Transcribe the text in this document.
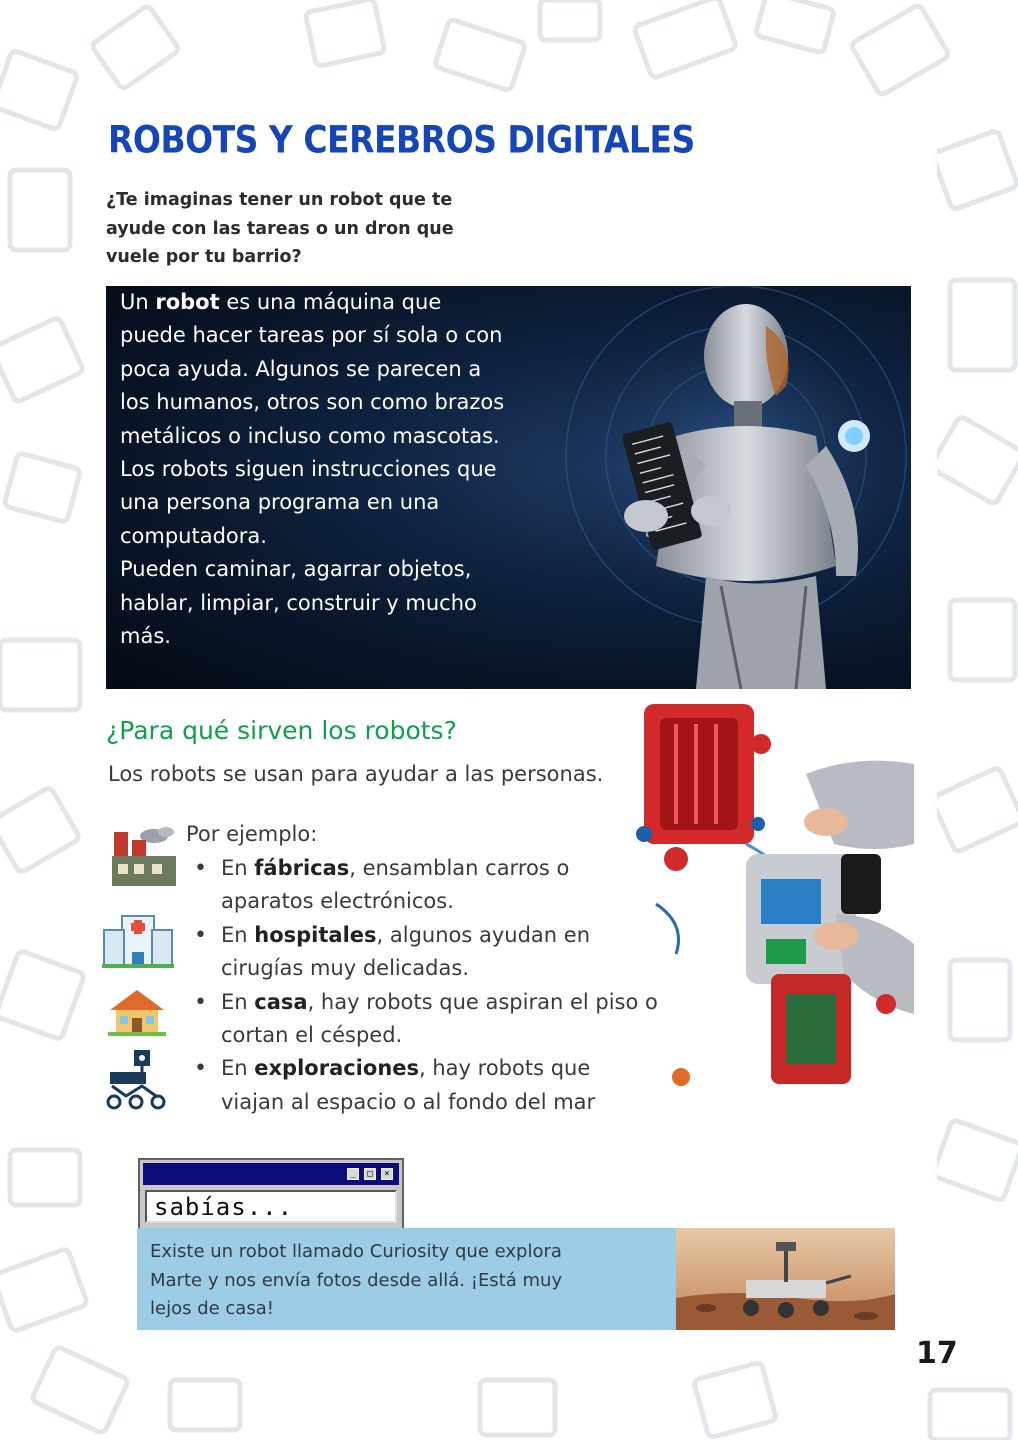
ROBOTS Y CEREBROS DIGITALES
¿Te imaginas tener un robot que te ayude con las tareas o un dron que vuele por tu barrio?
Un robot es una máquina que puede hacer tareas por sí sola o con poca ayuda. Algunos se parecen a los humanos, otros son como brazos metálicos o incluso como mascotas. Los robots siguen instrucciones que una persona programa en una computadora.
Pueden caminar, agarrar objetos, hablar, limpiar, construir y mucho más.
¿Para qué sirven los robots?
Los robots se usan para ayudar a las personas.
Por ejemplo:
• En fábricas, ensamblan carros o aparatos electrónicos.
• En hospitales, algunos ayudan en cirugías muy delicadas.
• En casa, hay robots que aspiran el piso o cortan el césped.
• En exploraciones, hay robots que viajan al espacio o al fondo del mar
_	□	×
sabías...
Existe un robot llamado Curiosity que explora Marte y nos envía fotos desde allá. ¡Está muy lejos de casa!
17
